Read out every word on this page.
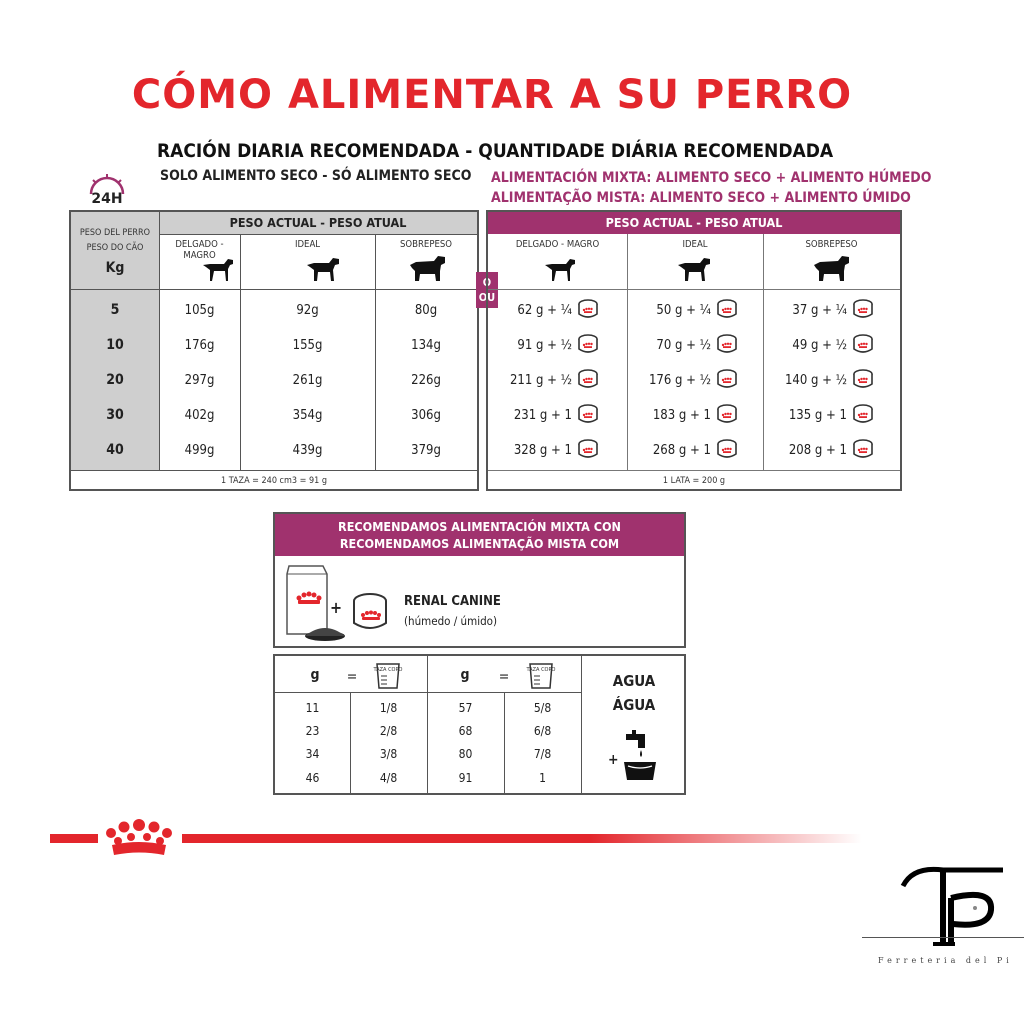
CÓMO ALIMENTAR A SU PERRO
RACIÓN DIARIA RECOMENDADA - QUANTIDADE DIÁRIA RECOMENDADA
24H
SOLO ALIMENTO SECO - SÓ ALIMENTO SECO ALIMENTACIÓN MIXTA: ALIMENTO SECO + ALIMENTO HÚMEDO
ALIMENTAÇÃO MISTA: ALIMENTO SECO + ALIMENTO ÚMIDO
PESO ACTUAL - PESO ATUAL
PESO DEL PERRO
PESO DO CÃO
Kg
DELGADO - MAGRO
IDEAL	SOBREPESO
5	105g	92g	80g
10	176g	155g	134g
20	297g	261g	226g
30	402g	354g	306g
40	499g	439g	379g
1 TAZA = 240 cm3 = 91 g
O
OU
PESO ACTUAL - PESO ATUAL
DELGADO - MAGRO	IDEAL	SOBREPESO
62 g + ¼	50 g + ¼	37 g + ¼
91 g + ½	70 g + ½	49 g + ½
211 g + ½	176 g + ½	140 g + ½
231 g + 1	183 g + 1	135 g + 1
328 g + 1	268 g + 1	208 g + 1
1 LATA = 200 g
RECOMENDAMOS ALIMENTACIÓN MIXTA CON
RECOMENDAMOS ALIMENTAÇÃO MISTA COM
+	RENAL CANINE
(húmedo / úmido)
g	=	TAZA COPO	g	=	TAZA COPO
11	1/8	57	5/8
23	2/8	68	6/8
34	3/8	80	7/8
46	4/8	91	1
AGUA
ÁGUA
+
Ferreteria del Pi
